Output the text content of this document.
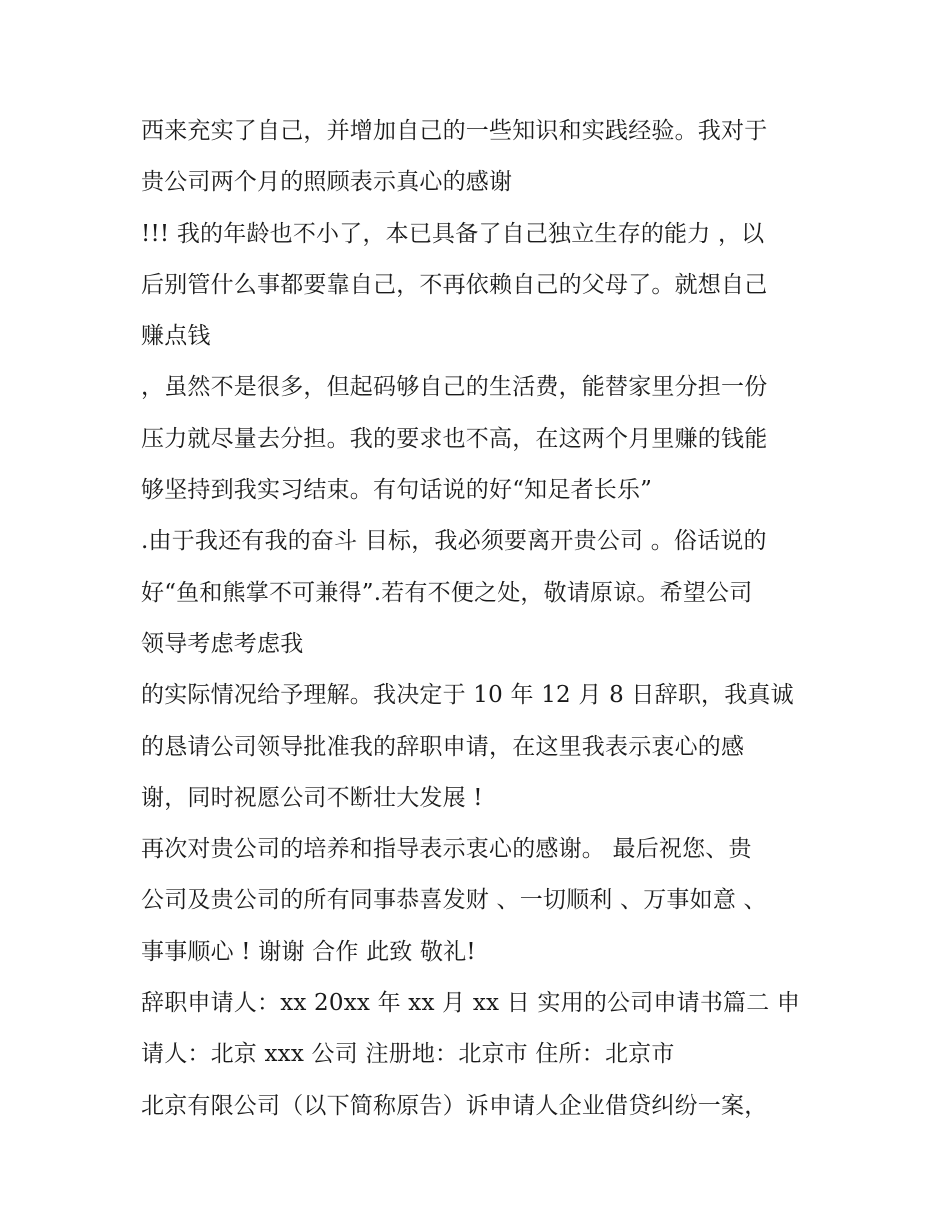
西来充实了自己，并增加自己的一些知识和实践经验。我对于
贵公司两个月的照顾表示真心的感谢
!!! 我的年龄也不小了，本已具备了自己独立生存的能力 ，以
后别管什么事都要靠自己，不再依赖自己的父母了。就想自己
赚点钱
，虽然不是很多，但起码够自己的生活费，能替家里分担一份
压力就尽量去分担。我的要求也不高，在这两个月里赚的钱能
够坚持到我实习结束。有句话说的好“知足者长乐”
.由于我还有我的奋斗 目标，我必须要离开贵公司 。俗话说的
好“鱼和熊掌不可兼得”.若有不便之处，敬请原谅。希望公司
领导考虑考虑我
的实际情况给予理解。我决定于 10 年 12 月 8 日辞职，我真诚
的恳请公司领导批准我的辞职申请，在这里我表示衷心的感
谢，同时祝愿公司不断壮大发展 !
再次对贵公司的培养和指导表示衷心的感谢。 最后祝您、贵
公司及贵公司的所有同事恭喜发财 、一切顺利 、万事如意 、
事事顺心 ! 谢谢 合作 此致 敬礼!
辞职申请人：xx 20xx 年 xx 月 xx 日 实用的公司申请书篇二 申
请人：北京 xxx 公司 注册地：北京市 住所：北京市
北京有限公司（以下简称原告）诉申请人企业借贷纠纷一案，
